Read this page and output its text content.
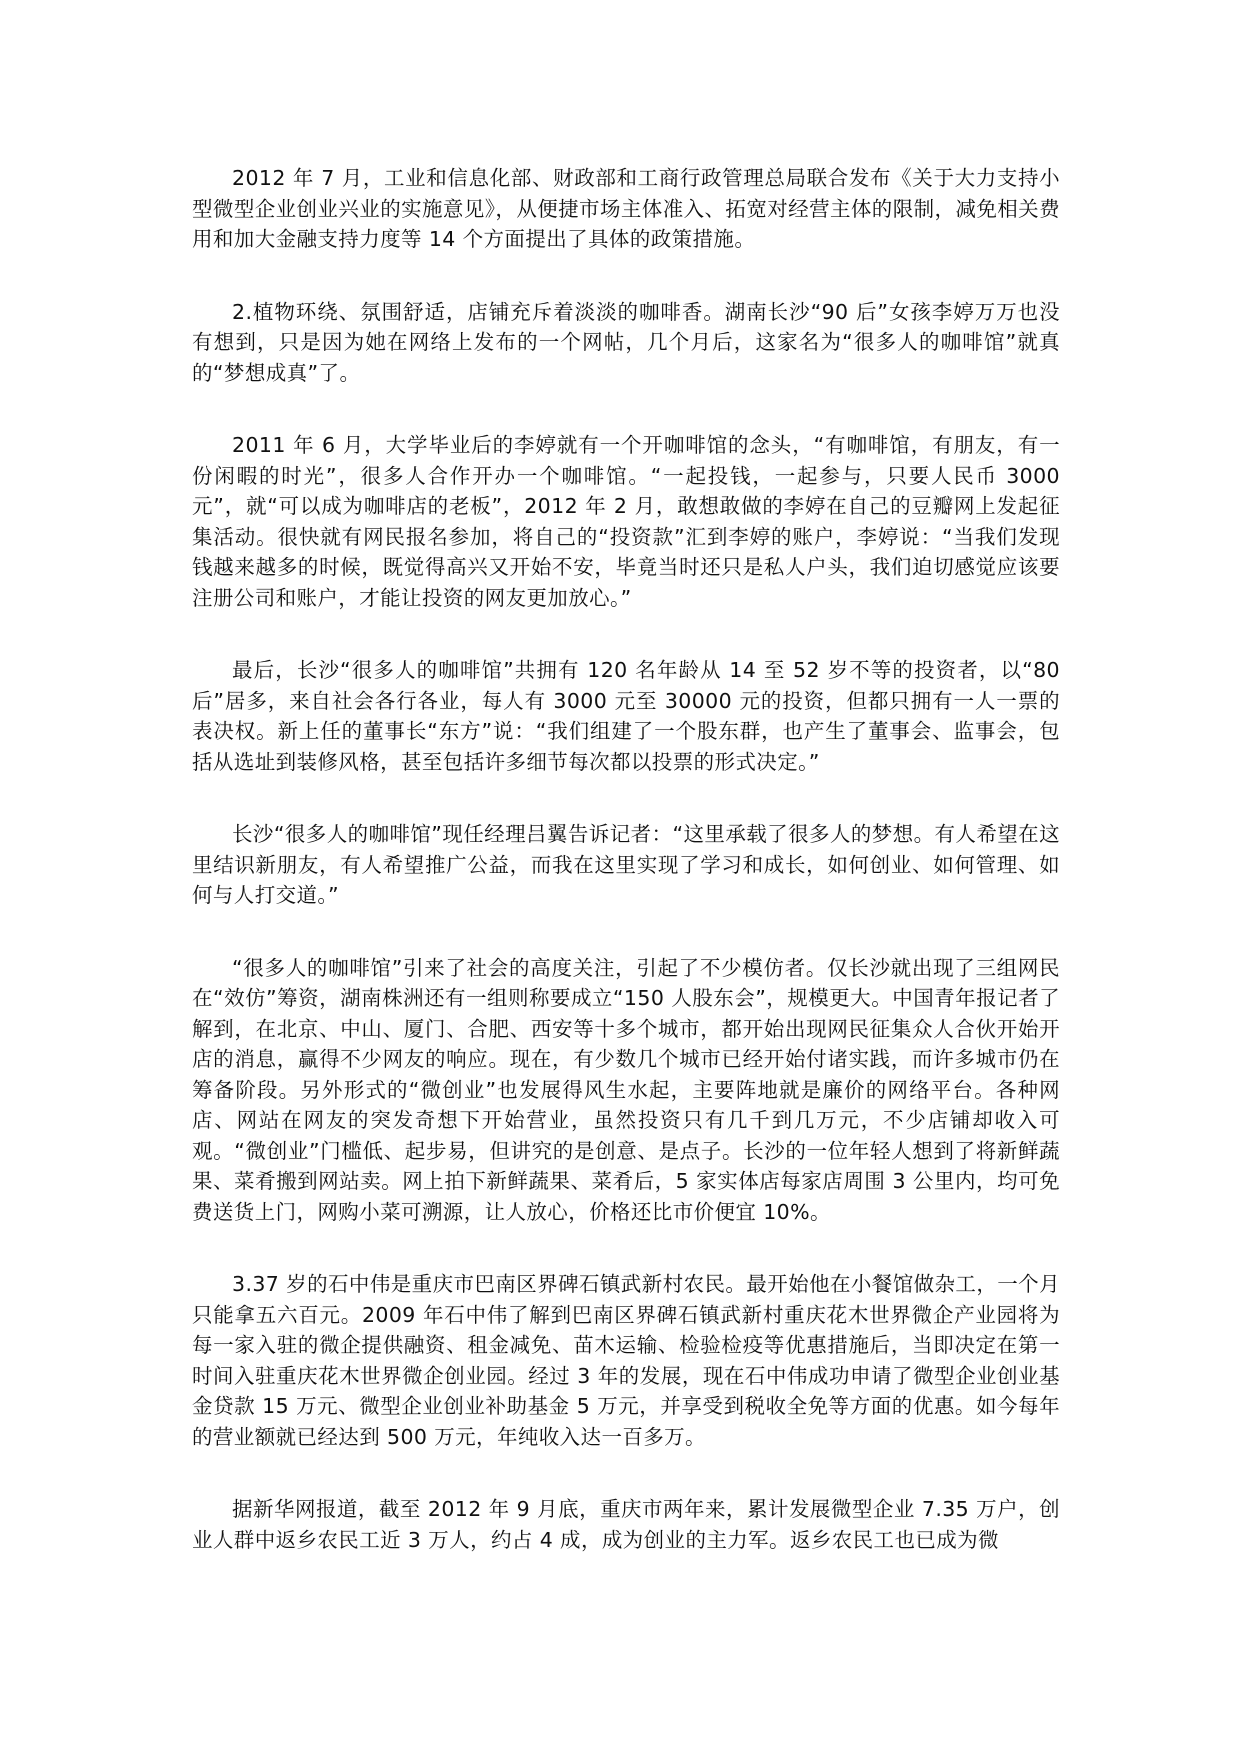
2012 年 7 月，工业和信息化部、财政部和工商行政管理总局联合发布《关于大力支持小型微型企业创业兴业的实施意见》，从便捷市场主体准入、拓宽对经营主体的限制，减免相关费用和加大金融支持力度等 14 个方面提出了具体的政策措施。

2.植物环绕、氛围舒适，店铺充斥着淡淡的咖啡香。湖南长沙“90 后”女孩李婷万万也没有想到，只是因为她在网络上发布的一个网帖，几个月后，这家名为“很多人的咖啡馆”就真的“梦想成真”了。

2011 年 6 月，大学毕业后的李婷就有一个开咖啡馆的念头，“有咖啡馆，有朋友，有一份闲暇的时光”，很多人合作开办一个咖啡馆。“一起投钱，一起参与，只要人民币 3000 元”，就“可以成为咖啡店的老板”，2012 年 2 月，敢想敢做的李婷在自己的豆瓣网上发起征集活动。很快就有网民报名参加，将自己的“投资款”汇到李婷的账户，李婷说：“当我们发现钱越来越多的时候，既觉得高兴又开始不安，毕竟当时还只是私人户头，我们迫切感觉应该要注册公司和账户，才能让投资的网友更加放心。”

最后，长沙“很多人的咖啡馆”共拥有 120 名年龄从 14 至 52 岁不等的投资者，以“80 后”居多，来自社会各行各业，每人有 3000 元至 30000 元的投资，但都只拥有一人一票的表决权。新上任的董事长“东方”说：“我们组建了一个股东群，也产生了董事会、监事会，包括从选址到装修风格，甚至包括许多细节每次都以投票的形式决定。”

长沙“很多人的咖啡馆”现任经理吕翼告诉记者：“这里承载了很多人的梦想。有人希望在这里结识新朋友，有人希望推广公益，而我在这里实现了学习和成长，如何创业、如何管理、如何与人打交道。”

“很多人的咖啡馆”引来了社会的高度关注，引起了不少模仿者。仅长沙就出现了三组网民在“效仿”筹资，湖南株洲还有一组则称要成立“150 人股东会”，规模更大。中国青年报记者了解到，在北京、中山、厦门、合肥、西安等十多个城市，都开始出现网民征集众人合伙开始开店的消息，赢得不少网友的响应。现在，有少数几个城市已经开始付诸实践，而许多城市仍在筹备阶段。另外形式的“微创业”也发展得风生水起，主要阵地就是廉价的网络平台。各种网店、网站在网友的突发奇想下开始营业，虽然投资只有几千到几万元，不少店铺却收入可观。“微创业”门槛低、起步易，但讲究的是创意、是点子。长沙的一位年轻人想到了将新鲜蔬果、菜肴搬到网站卖。网上拍下新鲜蔬果、菜肴后，5 家实体店每家店周围 3 公里内，均可免费送货上门，网购小菜可溯源，让人放心，价格还比市价便宜 10%。

3.37 岁的石中伟是重庆市巴南区界碑石镇武新村农民。最开始他在小餐馆做杂工，一个月只能拿五六百元。2009 年石中伟了解到巴南区界碑石镇武新村重庆花木世界微企产业园将为每一家入驻的微企提供融资、租金减免、苗木运输、检验检疫等优惠措施后，当即决定在第一时间入驻重庆花木世界微企创业园。经过 3 年的发展，现在石中伟成功申请了微型企业创业基金贷款 15 万元、微型企业创业补助基金 5 万元，并享受到税收全免等方面的优惠。如今每年的营业额就已经达到 500 万元，年纯收入达一百多万。

据新华网报道，截至 2012 年 9 月底，重庆市两年来，累计发展微型企业 7.35 万户，创业人群中返乡农民工近 3 万人，约占 4 成，成为创业的主力军。返乡农民工也已成为微
